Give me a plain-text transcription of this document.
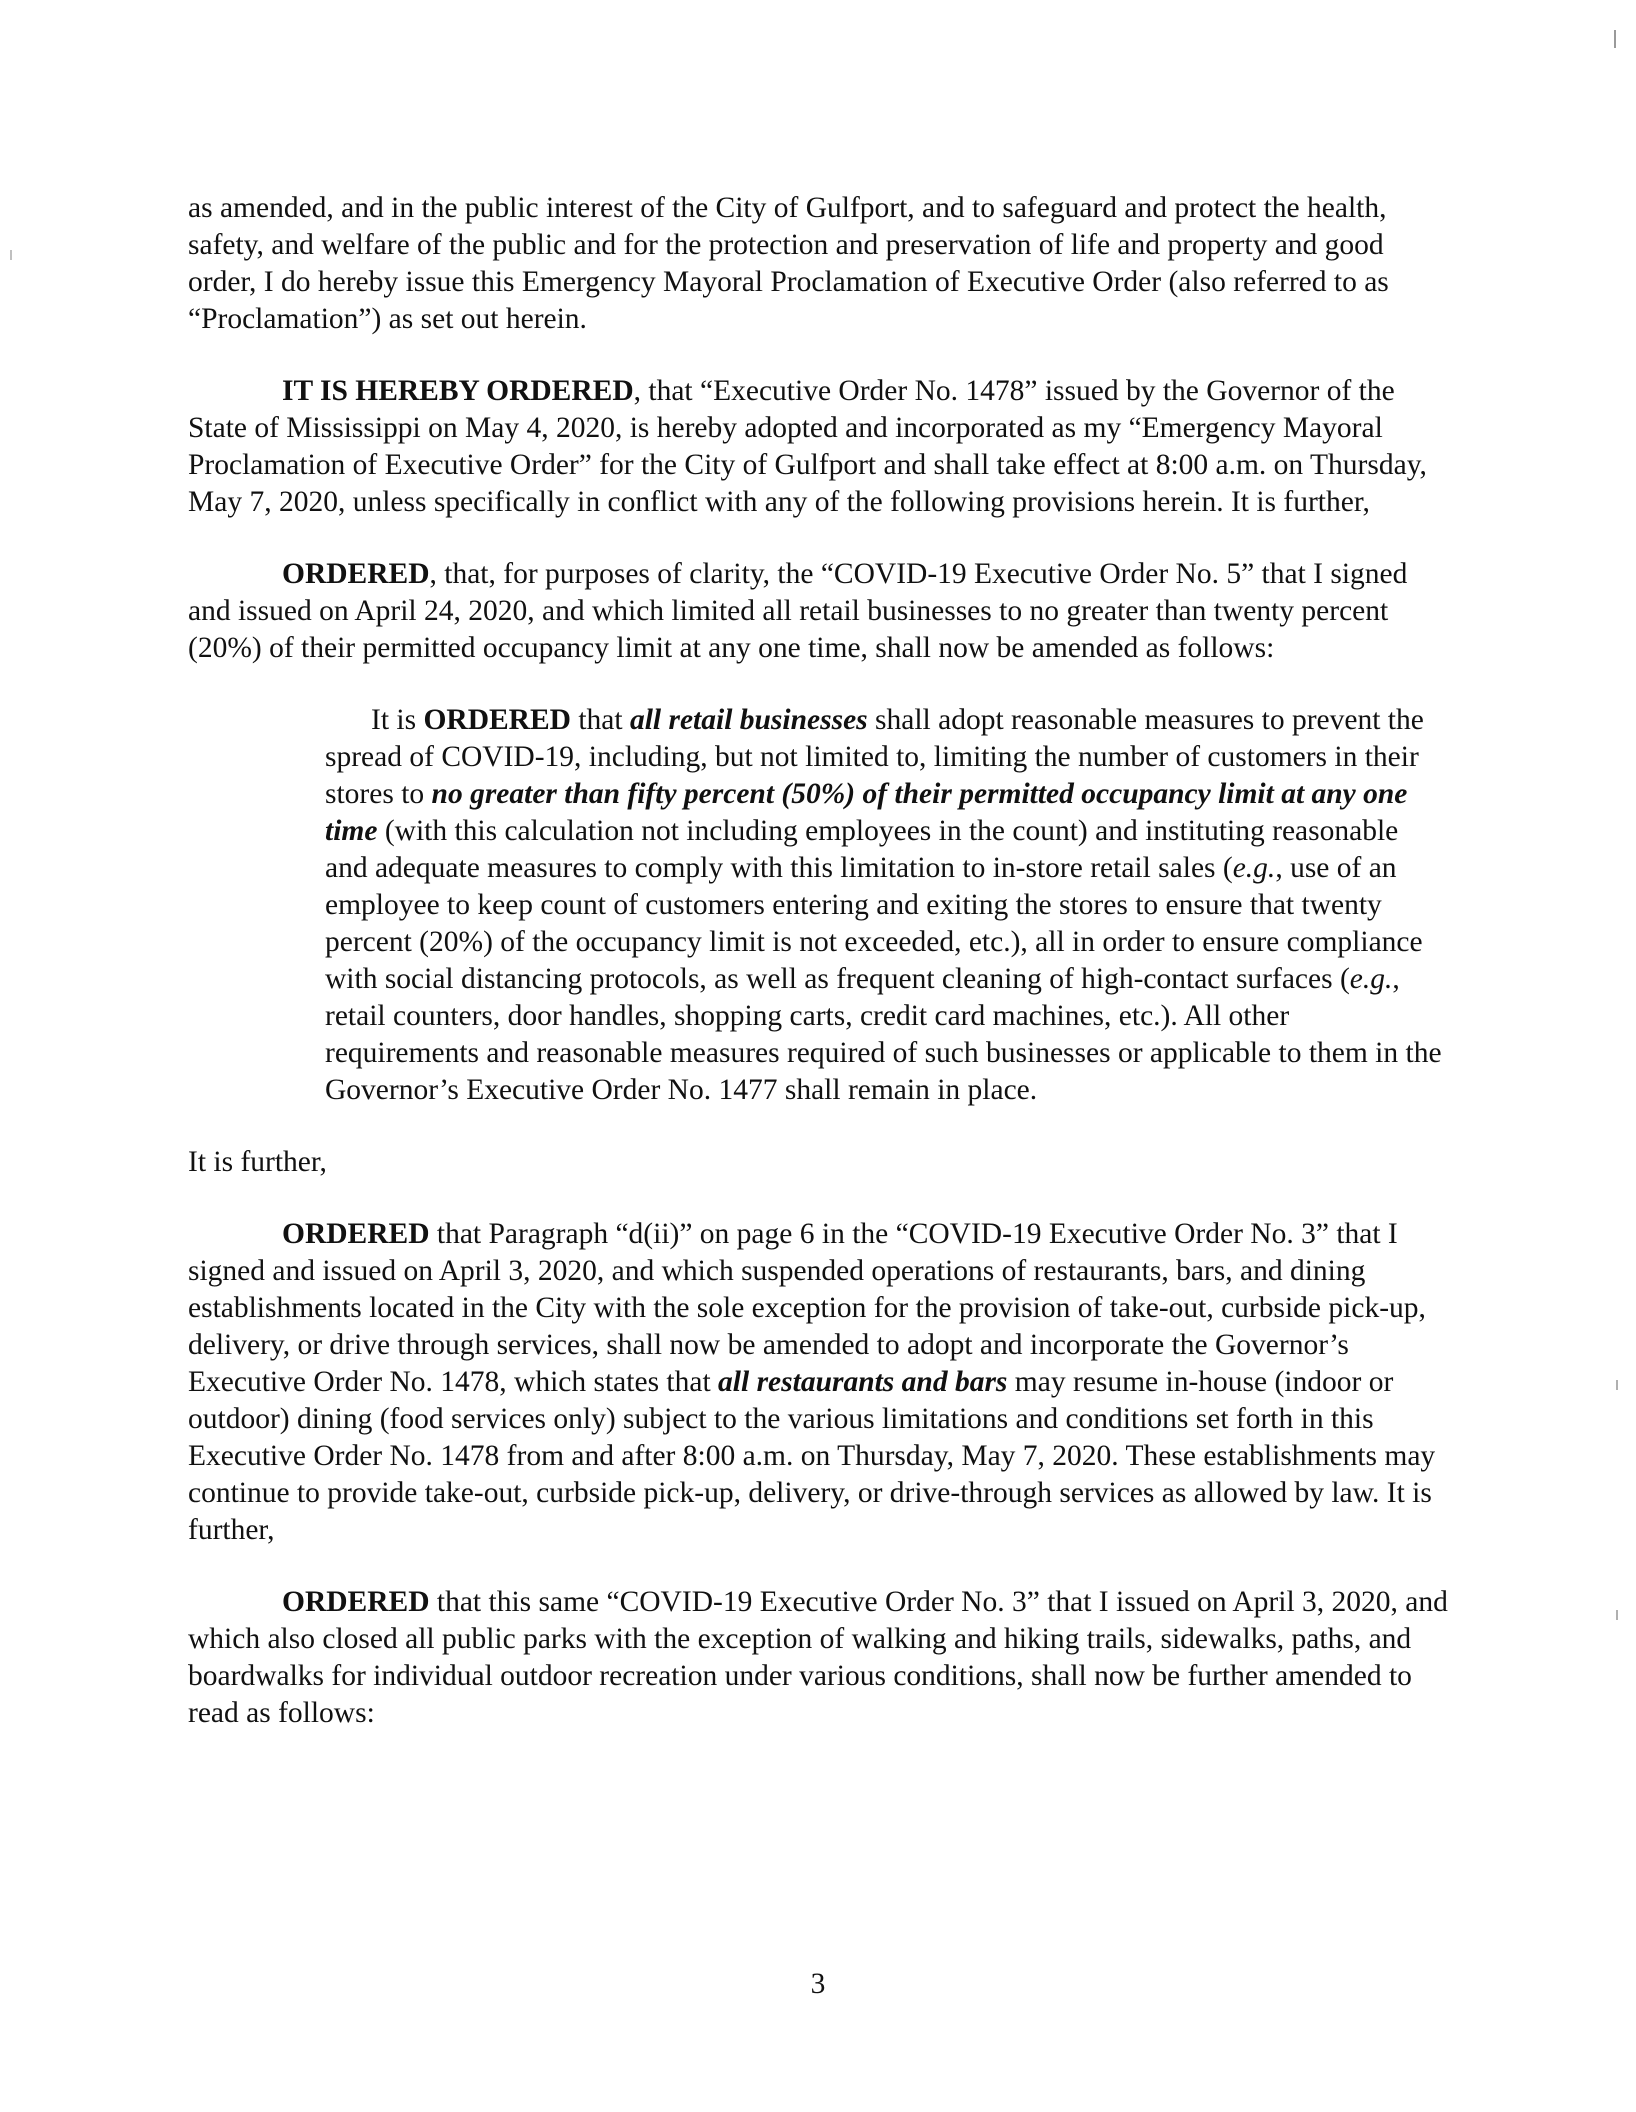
as amended, and in the public interest of the City of Gulfport, and to safeguard and protect the health, safety, and welfare of the public and for the protection and preservation of life and property and good order, I do hereby issue this Emergency Mayoral Proclamation of Executive Order (also referred to as “Proclamation”) as set out herein.

IT IS HEREBY ORDERED, that “Executive Order No. 1478” issued by the Governor of the State of Mississippi on May 4, 2020, is hereby adopted and incorporated as my “Emergency Mayoral Proclamation of Executive Order” for the City of Gulfport and shall take effect at 8:00 a.m. on Thursday, May 7, 2020, unless specifically in conflict with any of the following provisions herein. It is further,

ORDERED, that, for purposes of clarity, the “COVID-19 Executive Order No. 5” that I signed and issued on April 24, 2020, and which limited all retail businesses to no greater than twenty percent (20%) of their permitted occupancy limit at any one time, shall now be amended as follows:

It is ORDERED that all retail businesses shall adopt reasonable measures to prevent the spread of COVID-19, including, but not limited to, limiting the number of customers in their stores to no greater than fifty percent (50%) of their permitted occupancy limit at any one time (with this calculation not including employees in the count) and instituting reasonable and adequate measures to comply with this limitation to in-store retail sales (e.g., use of an employee to keep count of customers entering and exiting the stores to ensure that twenty percent (20%) of the occupancy limit is not exceeded, etc.), all in order to ensure compliance with social distancing protocols, as well as frequent cleaning of high-contact surfaces (e.g., retail counters, door handles, shopping carts, credit card machines, etc.). All other requirements and reasonable measures required of such businesses or applicable to them in the Governor’s Executive Order No. 1477 shall remain in place.

It is further,

ORDERED that Paragraph “d(ii)” on page 6 in the “COVID-19 Executive Order No. 3” that I signed and issued on April 3, 2020, and which suspended operations of restaurants, bars, and dining establishments located in the City with the sole exception for the provision of take-out, curbside pick-up, delivery, or drive through services, shall now be amended to adopt and incorporate the Governor’s Executive Order No. 1478, which states that all restaurants and bars may resume in-house (indoor or outdoor) dining (food services only) subject to the various limitations and conditions set forth in this Executive Order No. 1478 from and after 8:00 a.m. on Thursday, May 7, 2020. These establishments may continue to provide take-out, curbside pick-up, delivery, or drive-through services as allowed by law. It is further,

ORDERED that this same “COVID-19 Executive Order No. 3” that I issued on April 3, 2020, and which also closed all public parks with the exception of walking and hiking trails, sidewalks, paths, and boardwalks for individual outdoor recreation under various conditions, shall now be further amended to read as follows:

3
